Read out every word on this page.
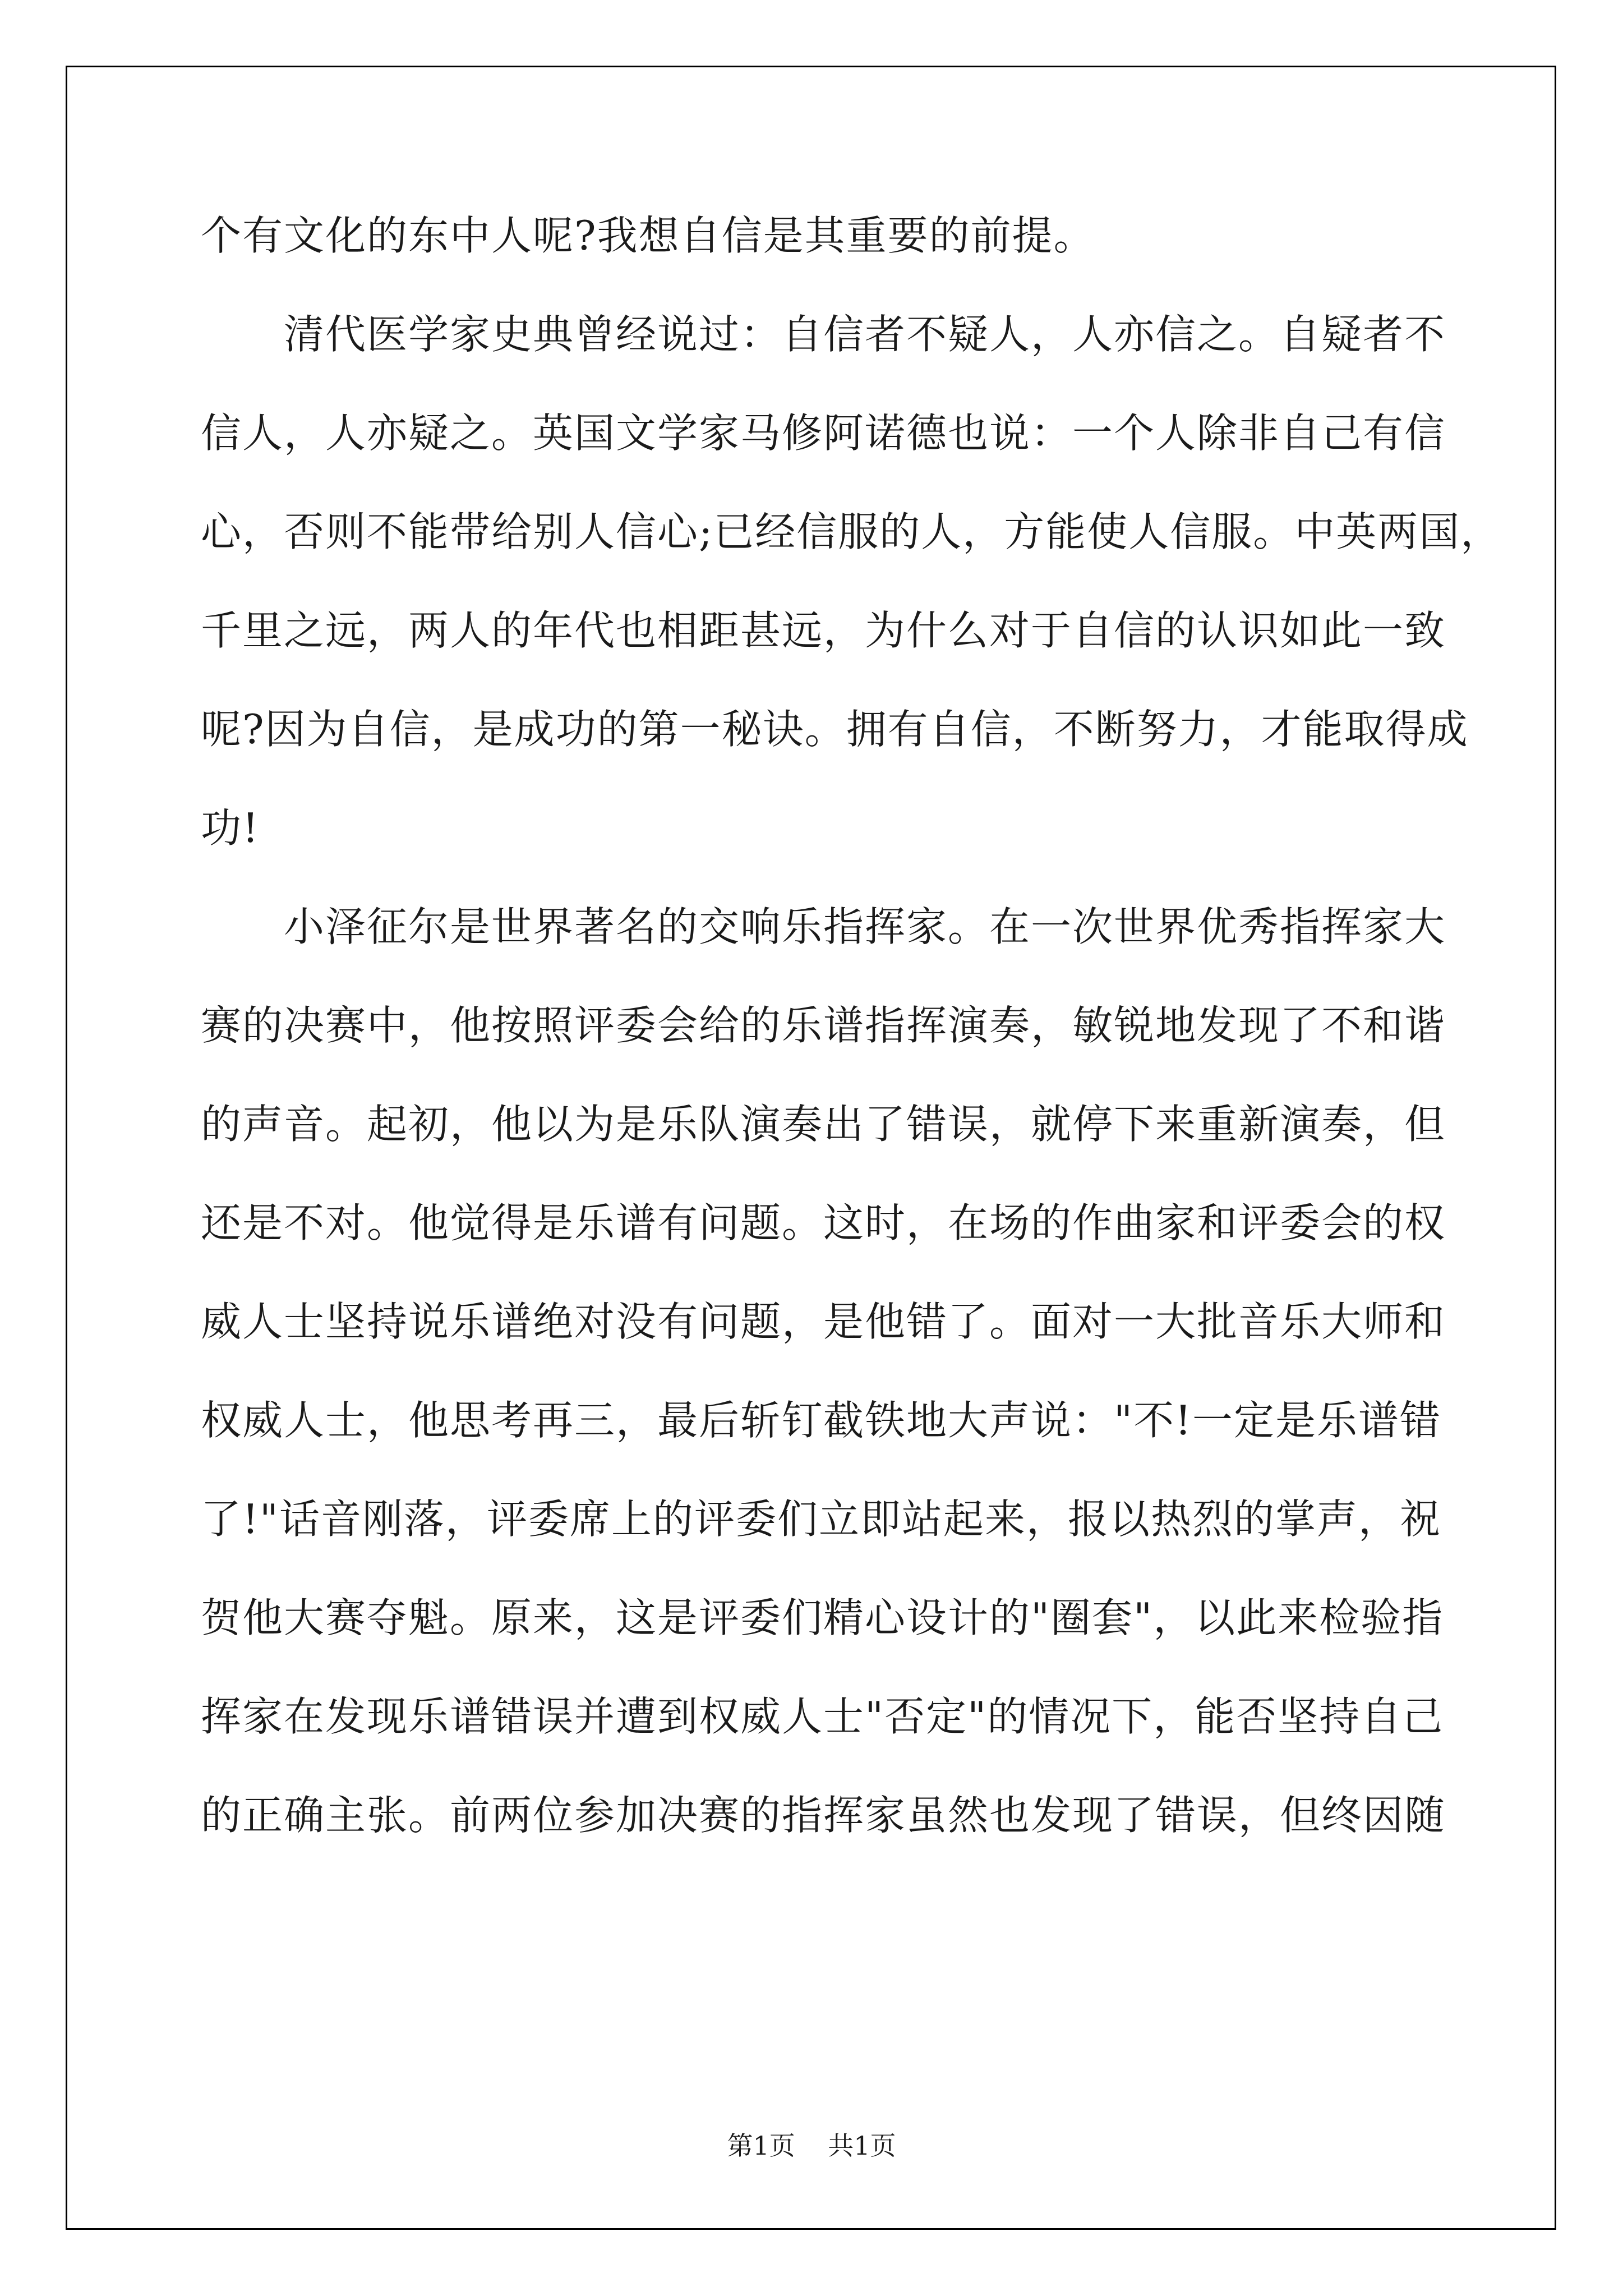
个有文化的东中人呢?我想自信是其重要的前提。
清代医学家史典曾经说过：自信者不疑人，人亦信之。自疑者不
信人，人亦疑之。英国文学家马修阿诺德也说：一个人除非自己有信
心，否则不能带给别人信心;已经信服的人，方能使人信服。中英两国，
千里之远，两人的年代也相距甚远，为什么对于自信的认识如此一致
呢?因为自信，是成功的第一秘诀。拥有自信，不断努力，才能取得成
功!
小泽征尔是世界著名的交响乐指挥家。在一次世界优秀指挥家大
赛的决赛中，他按照评委会给的乐谱指挥演奏，敏锐地发现了不和谐
的声音。起初，他以为是乐队演奏出了错误，就停下来重新演奏，但
还是不对。他觉得是乐谱有问题。这时，在场的作曲家和评委会的权
威人士坚持说乐谱绝对没有问题，是他错了。面对一大批音乐大师和
权威人士，他思考再三，最后斩钉截铁地大声说："不!一定是乐谱错
了!"话音刚落，评委席上的评委们立即站起来，报以热烈的掌声，祝
贺他大赛夺魁。原来，这是评委们精心设计的"圈套"，以此来检验指
挥家在发现乐谱错误并遭到权威人士"否定"的情况下，能否坚持自己
的正确主张。前两位参加决赛的指挥家虽然也发现了错误，但终因随
第1页 共1页
